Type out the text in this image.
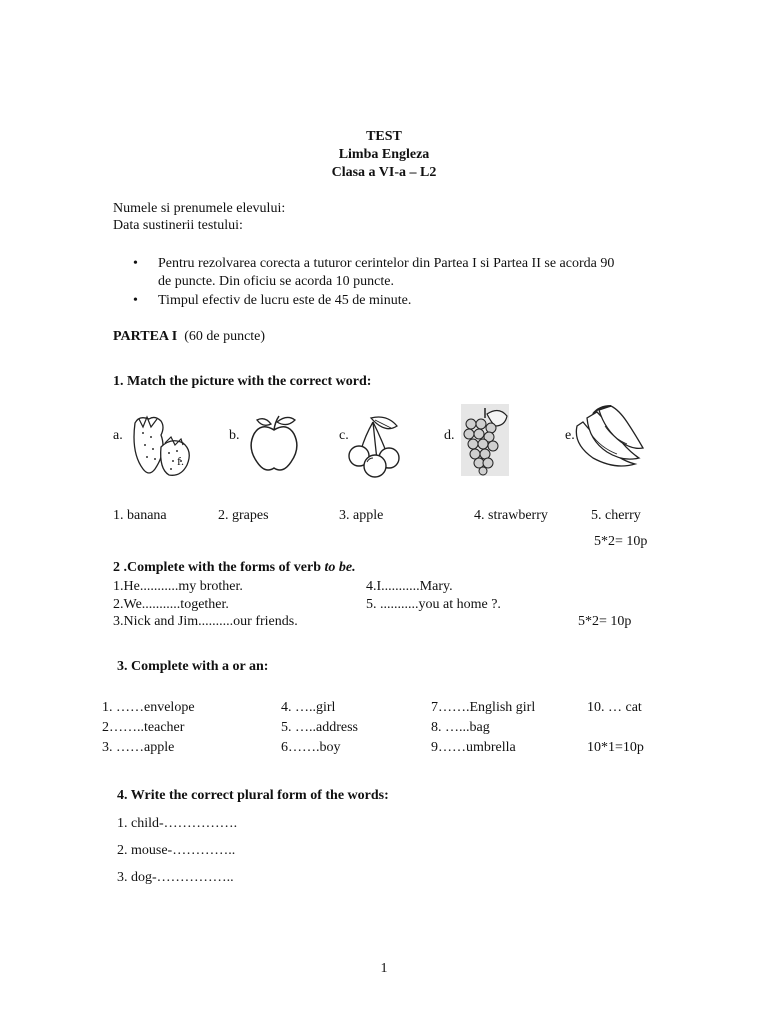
TEST
Limba Engleza
Clasa a VI-a – L2
Numele si prenumele elevului:
Data sustinerii testului:
• Pentru rezolvarea corecta a tuturor cerintelor din Partea I si Partea II se acorda 90
de puncte. Din oficiu se acorda 10 puncte.
• Timpul efectiv de lucru este de 45 de minute.
PARTEA I (60 de puncte)
1. Match the picture with the correct word:
a.	b.	c.	d.	e.
f.
1. banana	2. grapes	3. apple	4. strawberry	5. cherry
5*2= 10p
2 .Complete with the forms of verb to be.
1.He...........my brother.
2.We...........together.
3.Nick and Jim..........our friends.
4.I...........Mary.
5. ...........you at home ?.
5*2= 10p
3. Complete with a or an:
1. ……envelope
2……..teacher
3. ……apple
4. …..girl
5. …..address
6…….boy
7…….English girl
8. …...bag
9……umbrella
10. … cat
10*1=10p
4. Write the correct plural form of the words:
1. child-…………….
2. mouse-…………..
3. dog-……………..
1
